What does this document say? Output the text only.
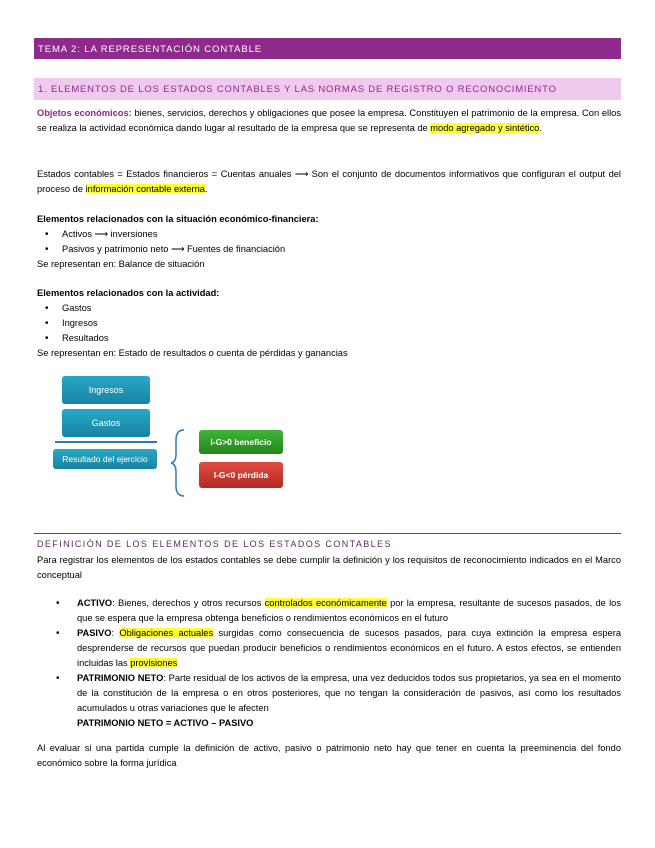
TEMA 2: LA REPRESENTACIÓN CONTABLE
1. ELEMENTOS DE LOS ESTADOS CONTABLES Y LAS NORMAS DE REGISTRO O RECONOCIMIENTO

Objetos económicos: bienes, servicios, derechos y obligaciones que posee la empresa. Constituyen el patrimonio de la empresa. Con ellos se realiza la actividad económica dando lugar al resultado de la empresa que se representa de modo agregado y sintético.

Estados contables = Estados financieros = Cuentas anuales ⟶ Son el conjunto de documentos informativos que configuran el output del proceso de información contable externa.

Elementos relacionados con la situación económico-financiera:
• Activos ⟶ inversiones
• Pasivos y patrimonio neto ⟶ Fuentes de financiación
Se representan en: Balance de situación
Elementos relacionados con la actividad:
• Gastos
• Ingresos
• Resultados
Se representan en: Estado de resultados o cuenta de pérdidas y ganancias
Ingresos
Gastos
Resultado del ejercicio
I-G>0 beneficio
I-G<0 pérdida
DEFINICIÓN DE LOS ELEMENTOS DE LOS ESTADOS CONTABLES

Para registrar los elementos de los estados contables se debe cumplir la definición y los requisitos de reconocimiento indicados en el Marco conceptual

• ACTIVO: Bienes, derechos y otros recursos controlados económicamente por la empresa, resultante de sucesos pasados, de los que se espera que la empresa obtenga beneficios o rendimientos económicos en el futuro
• PASIVO: Obligaciones actuales surgidas como consecuencia de sucesos pasados, para cuya extinción la empresa espera desprenderse de recursos que puedan producir beneficios o rendimientos económicos en el futuro. A estos efectos, se entienden incluidas las provisiones
• PATRIMONIO NETO: Parte residual de los activos de la empresa, una vez deducidos todos sus propietarios, ya sea en el momento de la constitución de la empresa o en otros posteriores, que no tengan la consideración de pasivos, así como los resultados acumulados u otras variaciones que le afecten
PATRIMONIO NETO = ACTIVO – PASIVO

Al evaluar si una partida cumple la definición de activo, pasivo o patrimonio neto hay que tener en cuenta la preeminencia del fondo económico sobre la forma jurídica
